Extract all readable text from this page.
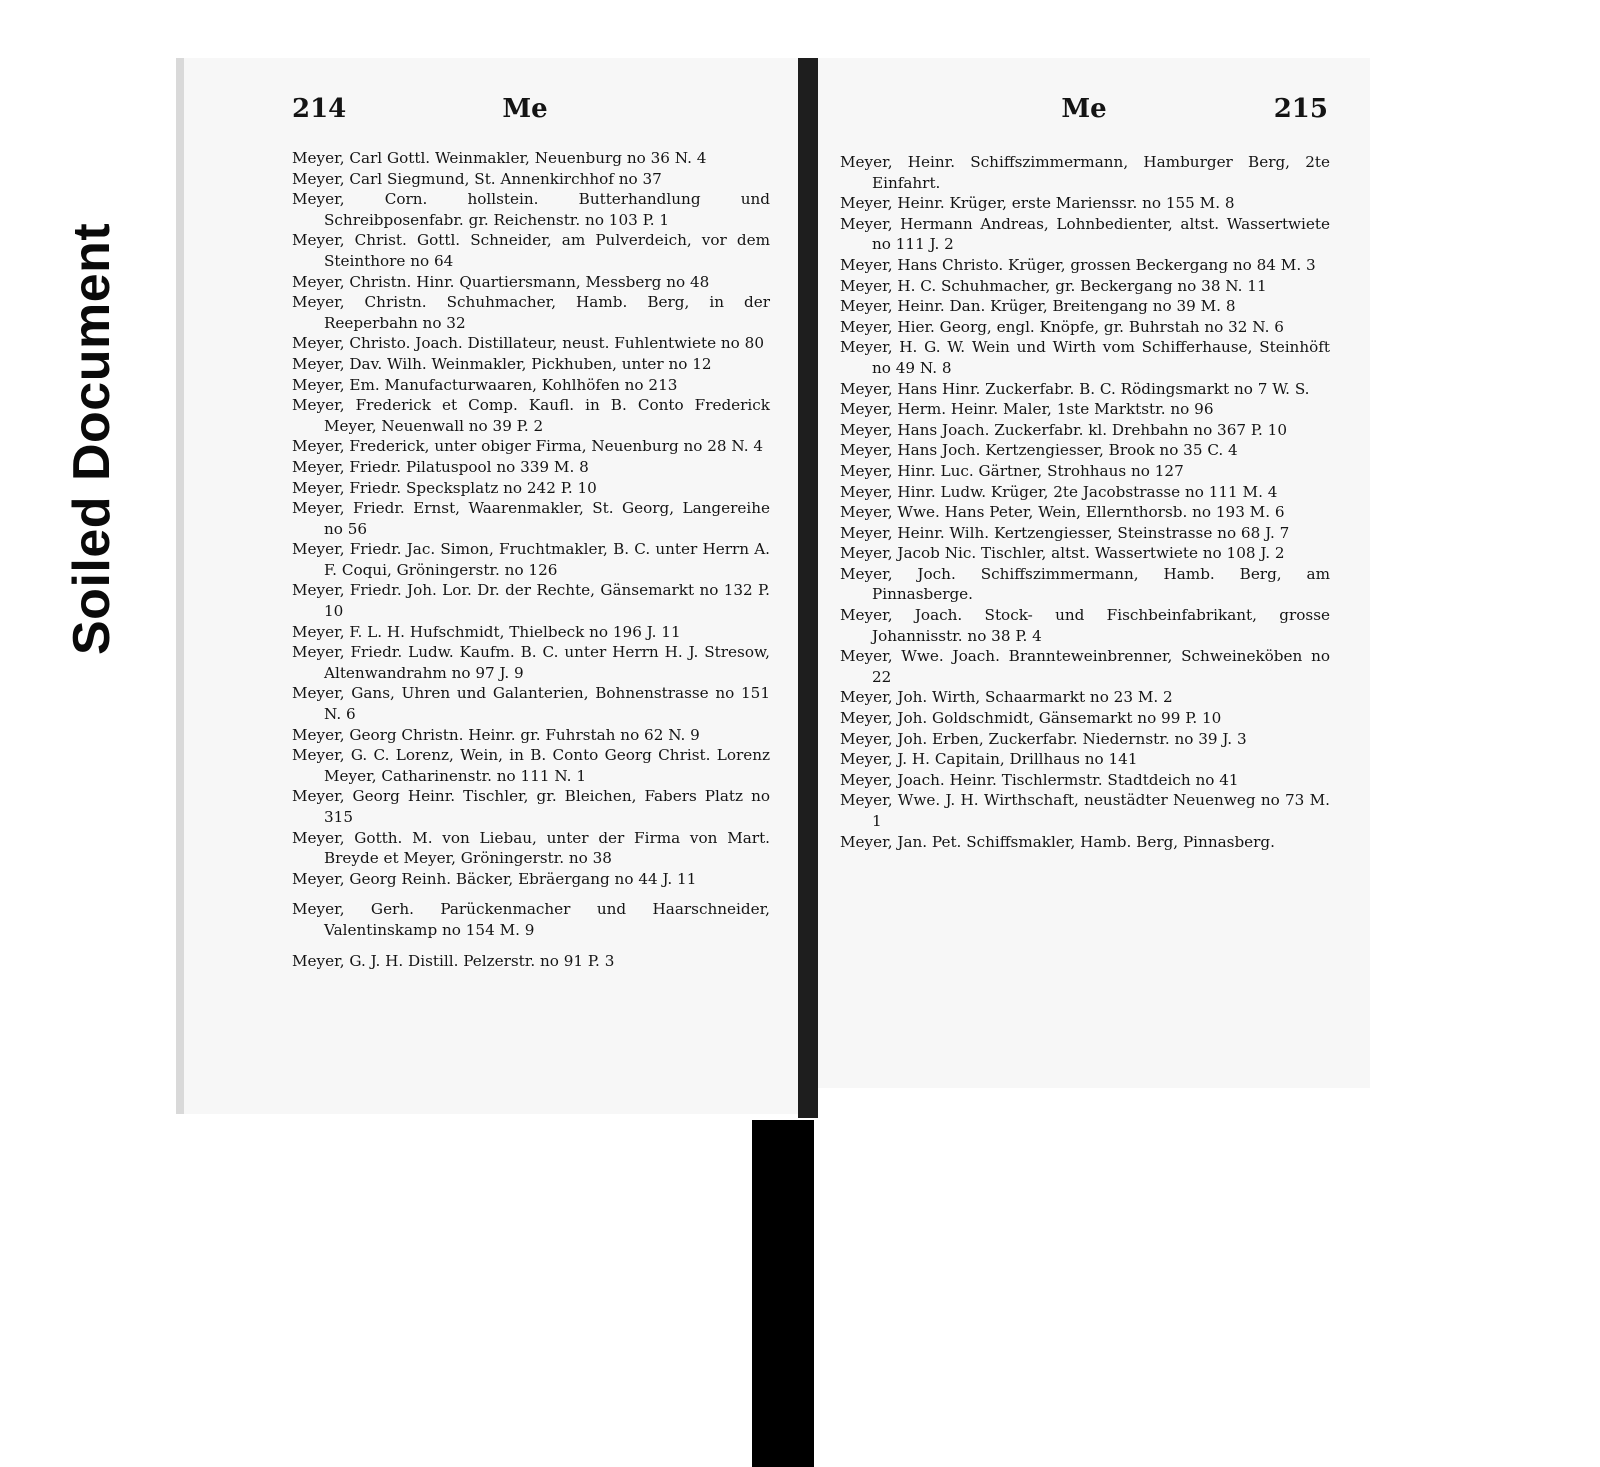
Soiled Document
214	Me
Meyer, Carl Gottl. Weinmakler, Neuenburg no 36 N. 4
Meyer, Carl Siegmund, St. Annenkirchhof no 37
Meyer, Corn. hollstein. Butterhandlung und Schreibposenfabr. gr. Reichenstr. no 103 P. 1
Meyer, Christ. Gottl. Schneider, am Pulverdeich, vor dem Steinthore no 64
Meyer, Christn. Hinr. Quartiersmann, Messberg no 48
Meyer, Christn. Schuhmacher, Hamb. Berg, in der Reeperbahn no 32
Meyer, Christo. Joach. Distillateur, neust. Fuhlentwiete no 80
Meyer, Dav. Wilh. Weinmakler, Pickhuben, unter no 12
Meyer, Em. Manufacturwaaren, Kohlhöfen no 213
Meyer, Frederick et Comp. Kaufl. in B. Conto Frederick Meyer, Neuenwall no 39 P. 2
Meyer, Frederick, unter obiger Firma, Neuenburg no 28 N. 4
Meyer, Friedr. Pilatuspool no 339 M. 8
Meyer, Friedr. Specksplatz no 242 P. 10
Meyer, Friedr. Ernst, Waarenmakler, St. Georg, Langereihe no 56
Meyer, Friedr. Jac. Simon, Fruchtmakler, B. C. unter Herrn A. F. Coqui, Gröningerstr. no 126
Meyer, Friedr. Joh. Lor. Dr. der Rechte, Gänsemarkt no 132 P. 10
Meyer, F. L. H. Hufschmidt, Thielbeck no 196 J. 11
Meyer, Friedr. Ludw. Kaufm. B. C. unter Herrn H. J. Stresow, Altenwandrahm no 97 J. 9
Meyer, Gans, Uhren und Galanterien, Bohnenstrasse no 151 N. 6
Meyer, Georg Christn. Heinr. gr. Fuhrstah no 62 N. 9
Meyer, G. C. Lorenz, Wein, in B. Conto Georg Christ. Lorenz Meyer, Catharinenstr. no 111 N. 1
Meyer, Georg Heinr. Tischler, gr. Bleichen, Fabers Platz no 315
Meyer, Gotth. M. von Liebau, unter der Firma von Mart. Breyde et Meyer, Gröningerstr. no 38
Meyer, Georg Reinh. Bäcker, Ebräergang no 44 J. 11
Meyer, Gerh. Parückenmacher und Haarschneider, Valentinskamp no 154 M. 9
Meyer, G. J. H. Distill. Pelzerstr. no 91 P. 3
Me	215
Meyer, Heinr. Schiffszimmermann, Hamburger Berg, 2te Einfahrt.
Meyer, Heinr. Krüger, erste Marienssr. no 155 M. 8
Meyer, Hermann Andreas, Lohnbedienter, altst. Wassertwiete no 111 J. 2
Meyer, Hans Christo. Krüger, grossen Beckergang no 84 M. 3
Meyer, H. C. Schuhmacher, gr. Beckergang no 38 N. 11
Meyer, Heinr. Dan. Krüger, Breitengang no 39 M. 8
Meyer, Hier. Georg, engl. Knöpfe, gr. Buhrstah no 32 N. 6
Meyer, H. G. W. Wein und Wirth vom Schifferhause, Steinhöft no 49 N. 8
Meyer, Hans Hinr. Zuckerfabr. B. C. Rödingsmarkt no 7 W. S.
Meyer, Herm. Heinr. Maler, 1ste Marktstr. no 96
Meyer, Hans Joach. Zuckerfabr. kl. Drehbahn no 367 P. 10
Meyer, Hans Joch. Kertzengiesser, Brook no 35 C. 4
Meyer, Hinr. Luc. Gärtner, Strohhaus no 127
Meyer, Hinr. Ludw. Krüger, 2te Jacobstrasse no 111 M. 4
Meyer, Wwe. Hans Peter, Wein, Ellernthorsb. no 193 M. 6
Meyer, Heinr. Wilh. Kertzengiesser, Steinstrasse no 68 J. 7
Meyer, Jacob Nic. Tischler, altst. Wassertwiete no 108 J. 2
Meyer, Joch. Schiffszimmermann, Hamb. Berg, am Pinnasberge.
Meyer, Joach. Stock- und Fischbeinfabrikant, grosse Johannisstr. no 38 P. 4
Meyer, Wwe. Joach. Brannteweinbrenner, Schweineköben no 22
Meyer, Joh. Wirth, Schaarmarkt no 23 M. 2
Meyer, Joh. Goldschmidt, Gänsemarkt no 99 P. 10
Meyer, Joh. Erben, Zuckerfabr. Niedernstr. no 39 J. 3
Meyer, J. H. Capitain, Drillhaus no 141
Meyer, Joach. Heinr. Tischlermstr. Stadtdeich no 41
Meyer, Wwe. J. H. Wirthschaft, neustädter Neuenweg no 73 M. 1
Meyer, Jan. Pet. Schiffsmakler, Hamb. Berg, Pinnasberg.
